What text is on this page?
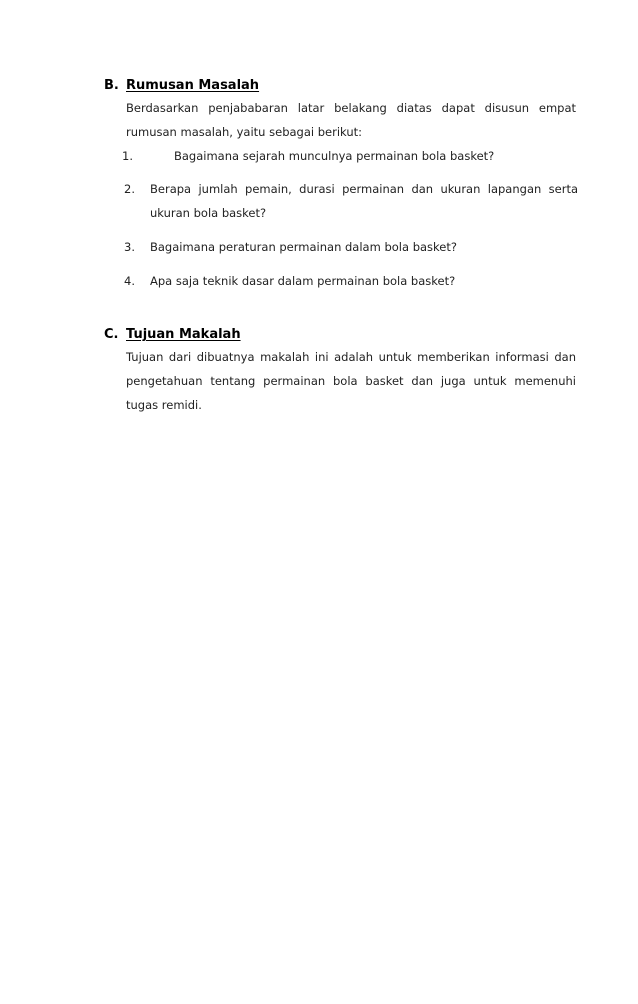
B. Rumusan Masalah
Berdasarkan penjababaran latar belakang diatas dapat disusun empat rumusan masalah, yaitu sebagai berikut:
1.	Bagaimana sejarah munculnya permainan bola basket?
2. Berapa jumlah pemain, durasi permainan dan ukuran lapangan serta ukuran bola basket?
3. Bagaimana peraturan permainan dalam bola basket?
4. Apa saja teknik dasar dalam permainan bola basket?
C. Tujuan Makalah
Tujuan dari dibuatnya makalah ini adalah untuk memberikan informasi dan pengetahuan tentang permainan bola basket dan juga untuk memenuhi tugas remidi.
